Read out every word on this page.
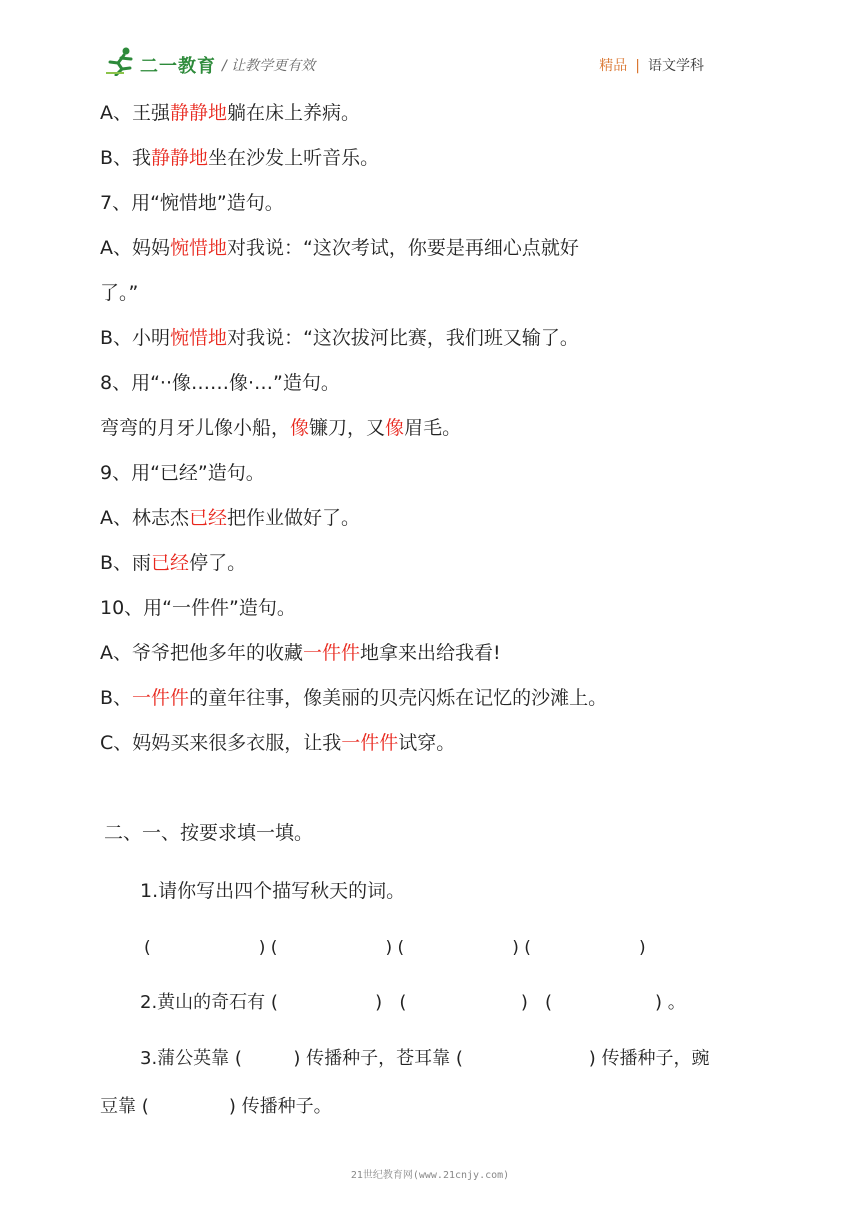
二一教育 / 让教学更有效	精品 | 语文学科
A、王强静静地躺在床上养病。
B、我静静地坐在沙发上听音乐。
7、用“惋惜地”造句。
A、妈妈惋惜地对我说：“这次考试，你要是再细心点就好
了。”
B、小明惋惜地对我说：“这次拔河比赛，我们班又输了。
8、用“··像……像·…”造句。
弯弯的月牙儿像小船，像镰刀，又像眉毛。
9、用“已经”造句。
A、林志杰已经把作业做好了。
B、雨已经停了。
10、用“一件件”造句。
A、爷爷把他多年的收藏一件件地拿来出给我看!
B、一件件的童年往事，像美丽的贝壳闪烁在记忆的沙滩上。
C、妈妈买来很多衣服，让我一件件试穿。
二、一、按要求填一填。
1.请你写出四个描写秋天的词。
(                    ) (                    ) (                    ) (                    )
2.黄山的奇石有 (                 )   (                    )   (                  ) 。
3.蒲公英靠 (         ) 传播种子，苍耳靠 (                      ) 传播种子，豌
豆靠 (              ) 传播种子。
21世纪教育网(www.21cnjy.com)
